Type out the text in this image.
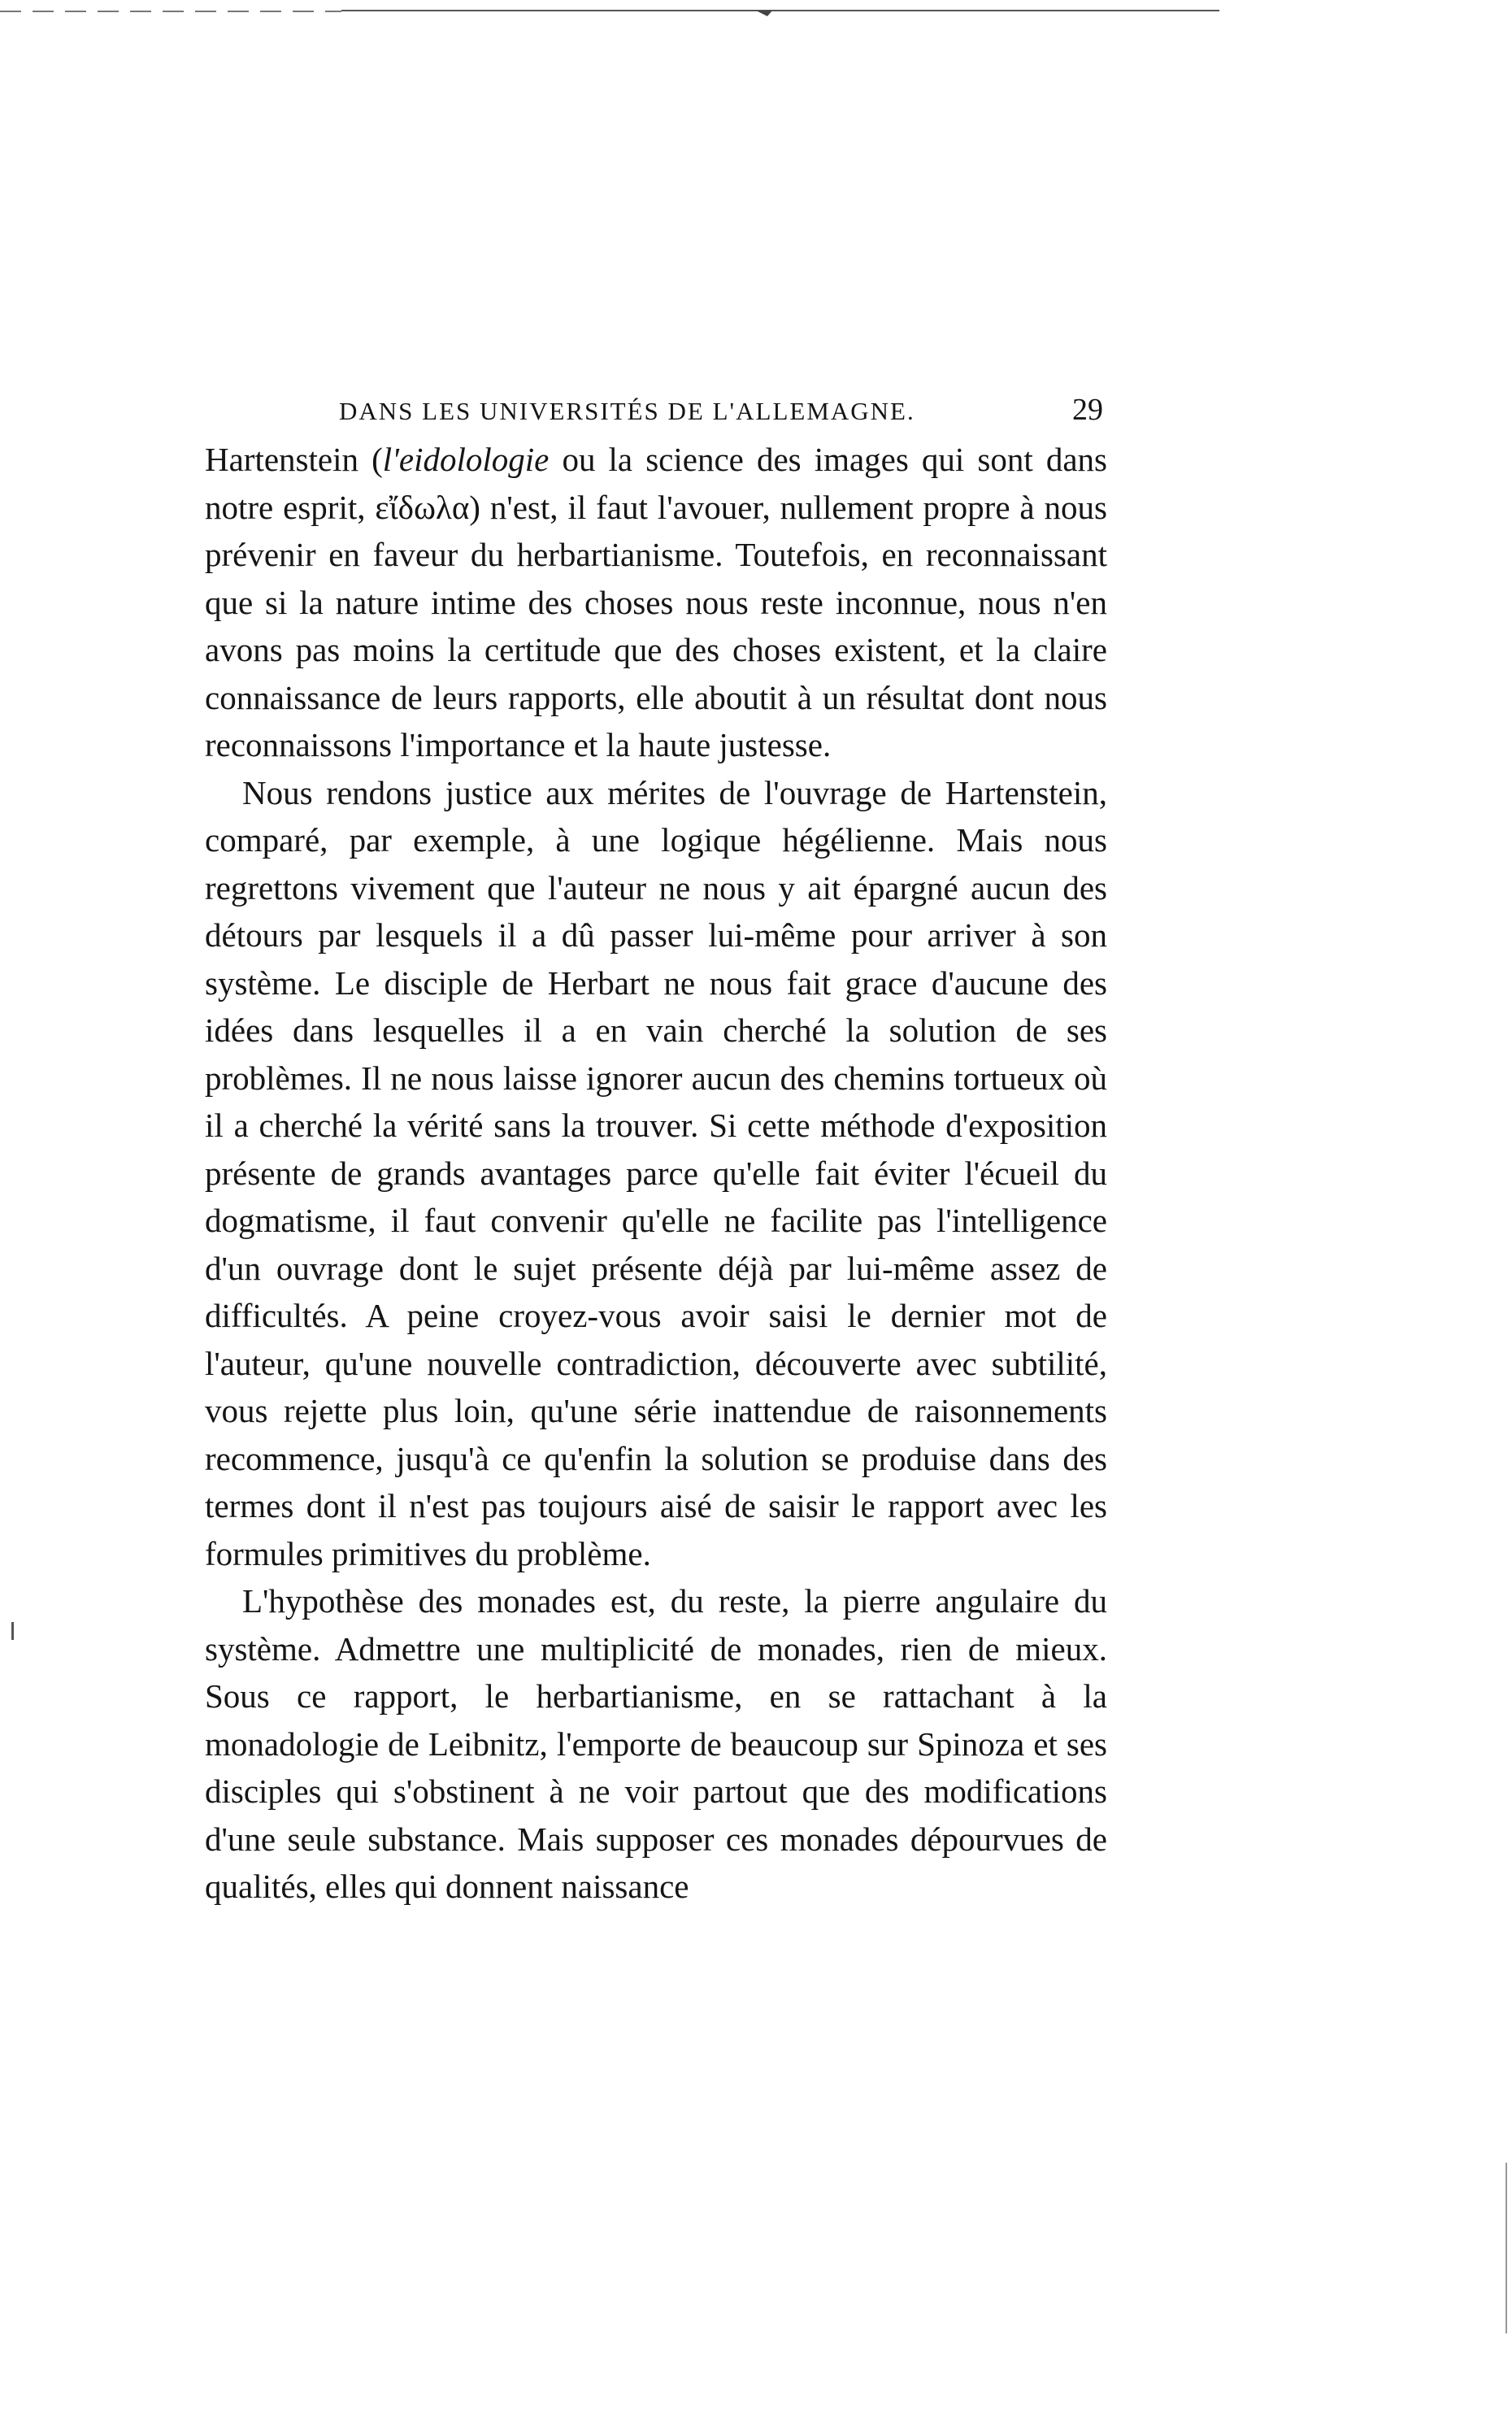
DANS LES UNIVERSITÉS DE L'ALLEMAGNE.	29

Hartenstein (l'eidolologie ou la science des images qui sont dans notre esprit, εἴδωλα) n'est, il faut l'avouer, nullement propre à nous prévenir en faveur du herbartianisme. Toutefois, en reconnaissant que si la nature intime des choses nous reste inconnue, nous n'en avons pas moins la certitude que des choses existent, et la claire connaissance de leurs rapports, elle aboutit à un résultat dont nous reconnaissons l'importance et la haute justesse.

Nous rendons justice aux mérites de l'ouvrage de Hartenstein, comparé, par exemple, à une logique hégélienne. Mais nous regrettons vivement que l'auteur ne nous y ait épargné aucun des détours par lesquels il a dû passer lui-même pour arriver à son système. Le disciple de Herbart ne nous fait grace d'aucune des idées dans lesquelles il a en vain cherché la solution de ses problèmes. Il ne nous laisse ignorer aucun des chemins tortueux où il a cherché la vérité sans la trouver. Si cette méthode d'exposition présente de grands avantages parce qu'elle fait éviter l'écueil du dogmatisme, il faut convenir qu'elle ne facilite pas l'intelligence d'un ouvrage dont le sujet présente déjà par lui-même assez de difficultés. A peine croyez-vous avoir saisi le dernier mot de l'auteur, qu'une nouvelle contradiction, découverte avec subtilité, vous rejette plus loin, qu'une série inattendue de raisonnements recommence, jusqu'à ce qu'enfin la solution se produise dans des termes dont il n'est pas toujours aisé de saisir le rapport avec les formules primitives du problème.

L'hypothèse des monades est, du reste, la pierre angulaire du système. Admettre une multiplicité de monades, rien de mieux. Sous ce rapport, le herbartianisme, en se rattachant à la monadologie de Leibnitz, l'emporte de beaucoup sur Spinoza et ses disciples qui s'obstinent à ne voir partout que des modifications d'une seule substance. Mais supposer ces monades dépourvues de qualités, elles qui donnent naissance
